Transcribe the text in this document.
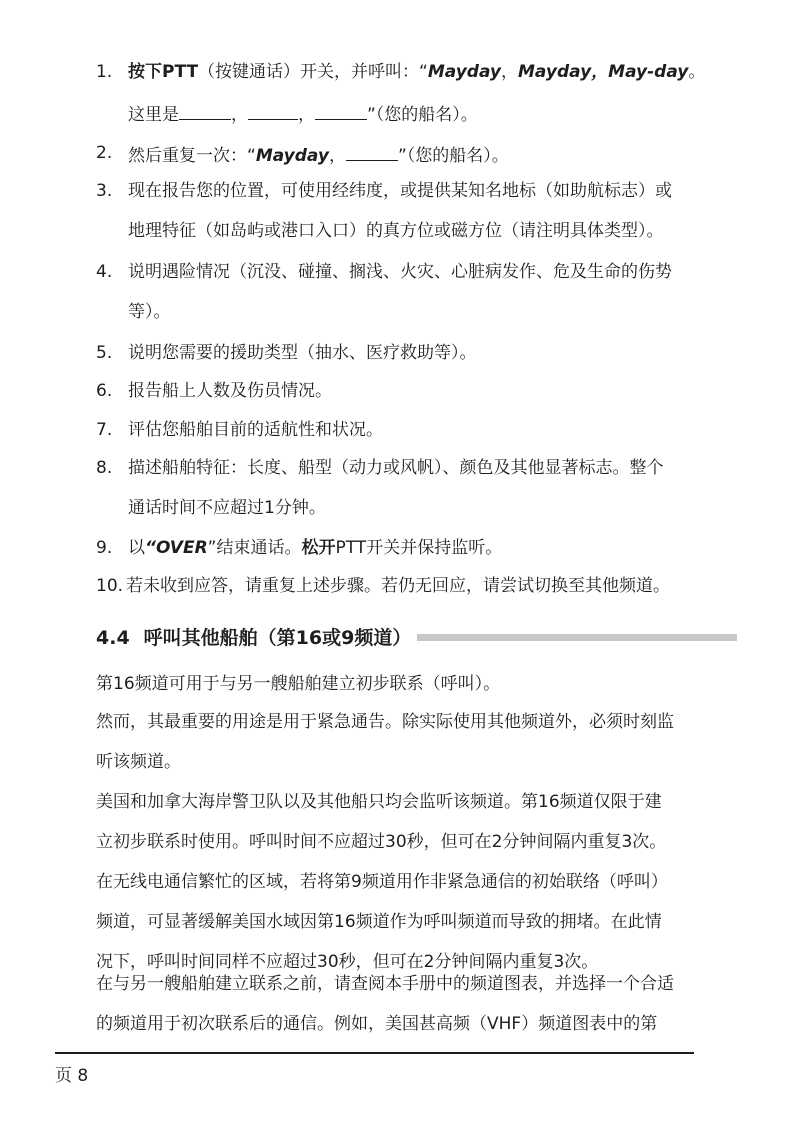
1. 按下PTT（按键通话）开关，并呼叫：“Mayday，Mayday，May-day。
这里是	，	，	”（您的船名）。
2. 然后重复一次：“Mayday，	”（您的船名）。
3. 现在报告您的位置，可使用经纬度，或提供某知名地标（如助航标志）或
地理特征（如岛屿或港口入口）的真方位或磁方位（请注明具体类型）。
4. 说明遇险情况（沉没、碰撞、搁浅、火灾、心脏病发作、危及生命的伤势
等）。
5. 说明您需要的援助类型（抽水、医疗救助等）。
6. 报告船上人数及伤员情况。
7. 评估您船舶目前的适航性和状况。
8. 描述船舶特征：长度、船型（动力或风帆）、颜色及其他显著标志。整个
通话时间不应超过1分钟。
9. 以“OVER”结束通话。松开PTT开关并保持监听。
10. 若未收到应答，请重复上述步骤。若仍无回应，请尝试切换至其他频道。
4.4 呼叫其他船舶（第16或9频道）
第16频道可用于与另一艘船舶建立初步联系（呼叫）。
然而，其最重要的用途是用于紧急通告。除实际使用其他频道外，必须时刻监
听该频道。
美国和加拿大海岸警卫队以及其他船只均会监听该频道。第16频道仅限于建
立初步联系时使用。呼叫时间不应超过30秒，但可在2分钟间隔内重复3次。
在无线电通信繁忙的区域，若将第9频道用作非紧急通信的初始联络（呼叫）
频道，可显著缓解美国水域因第16频道作为呼叫频道而导致的拥堵。在此情
况下，呼叫时间同样不应超过30秒，但可在2分钟间隔内重复3次。
在与另一艘船舶建立联系之前，请查阅本手册中的频道图表，并选择一个合适
的频道用于初次联系后的通信。例如，美国甚高频（VHF）频道图表中的第
页 8
